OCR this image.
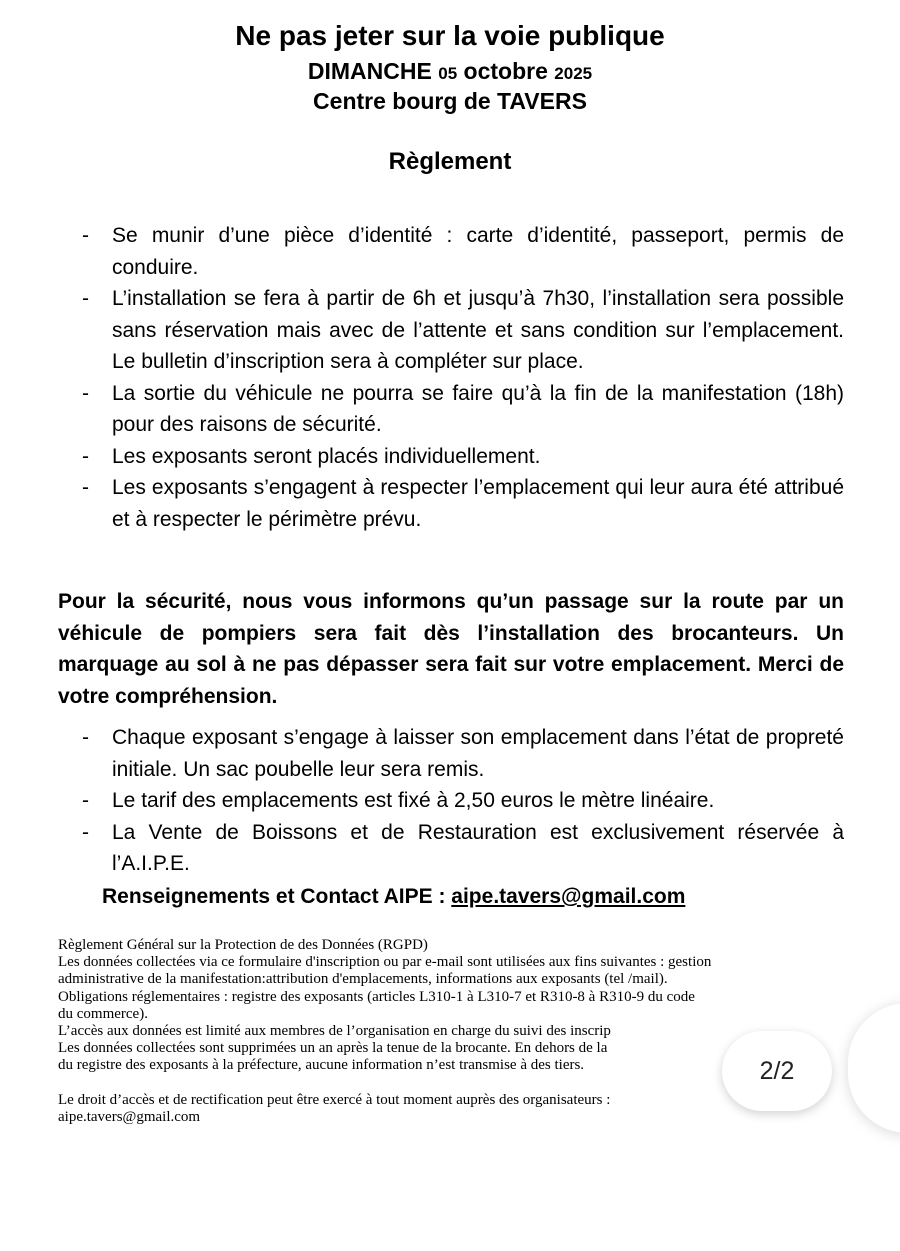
Ne pas jeter sur la voie publique
DIMANCHE 05 octobre 2025
Centre bourg de TAVERS
Règlement
- Se munir d’une pièce d’identité : carte d’identité, passeport, permis de conduire.
- L’installation se fera à partir de 6h et jusqu’à 7h30, l’installation sera possible sans réservation mais avec de l’attente et sans condition sur l’emplacement. Le bulletin d’inscription sera à compléter sur place.
- La sortie du véhicule ne pourra se faire qu’à la fin de la manifestation (18h) pour des raisons de sécurité.
- Les exposants seront placés individuellement.
- Les exposants s’engagent à respecter l’emplacement qui leur aura été attribué et à respecter le périmètre prévu.
Pour la sécurité, nous vous informons qu’un passage sur la route par un véhicule de pompiers sera fait dès l’installation des brocanteurs. Un marquage au sol à ne pas dépasser sera fait sur votre emplacement. Merci de votre compréhension.
- Chaque exposant s’engage à laisser son emplacement dans l’état de propreté initiale. Un sac poubelle leur sera remis.
- Le tarif des emplacements est fixé à 2,50 euros le mètre linéaire.
- La Vente de Boissons et de Restauration est exclusivement réservée à l’A.I.P.E.
Renseignements et Contact AIPE : aipe.tavers@gmail.com

Règlement Général sur la Protection de des Données (RGPD)

Les données collectées via ce formulaire d'inscription ou par e-mail sont utilisées aux fins suivantes : gestion

administrative de la manifestation:attribution d'emplacements, informations aux exposants (tel /mail).

Obligations réglementaires : registre des exposants (articles L310-1 à L310-7 et R310-8 à R310-9 du code

du commerce).

L’accès aux données est limité aux membres de l’organisation en charge du suivi des inscrip

Les données collectées sont supprimées un an après la tenue de la brocante. En dehors de la

du registre des exposants à la préfecture, aucune information n’est transmise à des tiers.

Le droit d’accès et de rectification peut être exercé à tout moment auprès des organisateurs :

aipe.tavers@gmail.com

2/2
